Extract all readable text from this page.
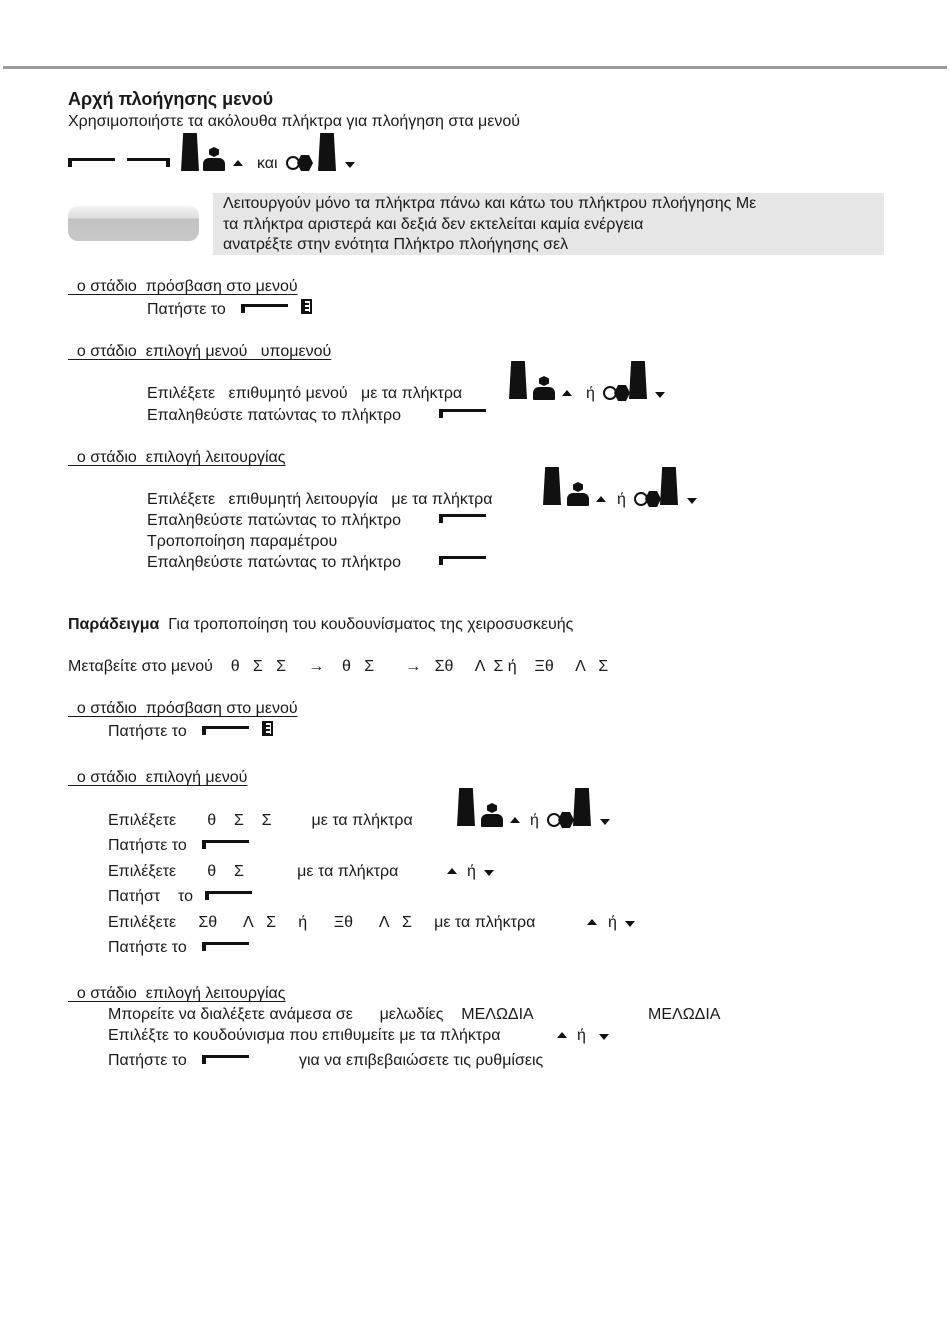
Αρχή πλοήγησης μενού
Χρησιμοποιήστε τα ακόλουθα πλήκτρα για πλοήγηση στα μενού
και
Λειτουργούν μόνο τα πλήκτρα πάνω και κάτω του πλήκτρου πλοήγησης Με
τα πλήκτρα αριστερά και δεξιά δεν εκτελείται καμία ενέργεια
ανατρέξτε στην ενότητα Πλήκτρο πλοήγησης σελ
ο στάδιο  πρόσβαση στο μενού
Πατήστε το
ο στάδιο  επιλογή μενού   υπομενού
Επιλέξετε   επιθυμητό μενού   με τα πλήκτρα	ή
Επαληθεύστε πατώντας το πλήκτρο
ο στάδιο  επιλογή λειτουργίας
Επιλέξετε   επιθυμητή λειτουργία   με τα πλήκτρα	ή
Επαληθεύστε πατώντας το πλήκτρο
Τροποποίηση παραμέτρου
Επαληθεύστε πατώντας το πλήκτρο
Παράδειγμα Για τροποποίηση του κουδουνίσματος της χειροσυσκευής
Μεταβείτε στο μενού    θ   Σ   Σ     →    θ   Σ       →   Σθ     Λ  Σ ή    Ξθ     Λ   Σ
ο στάδιο  πρόσβαση στο μενού
Πατήστε το
ο στάδιο  επιλογή μενού
Επιλέξετε       θ    Σ    Σ         με τα πλήκτρα	ή
Πατήστε το
Επιλέξετε       θ    Σ            με τα πλήκτρα	ή
Πατήστ    το
Επιλέξετε     Σθ      Λ   Σ     ή      Ξθ      Λ   Σ     με τα πλήκτρα	ή
Πατήστε το
ο στάδιο  επιλογή λειτουργίας
Μπορείτε να διαλέξετε ανάμεσα σε      μελωδίες    ΜΕΛΩΔΙΑ	ΜΕΛΩΔΙΑ
Επιλέξτε το κουδούνισμα που επιθυμείτε με τα πλήκτρα	ή
Πατήστε το	για να επιβεβαιώσετε τις ρυθμίσεις
